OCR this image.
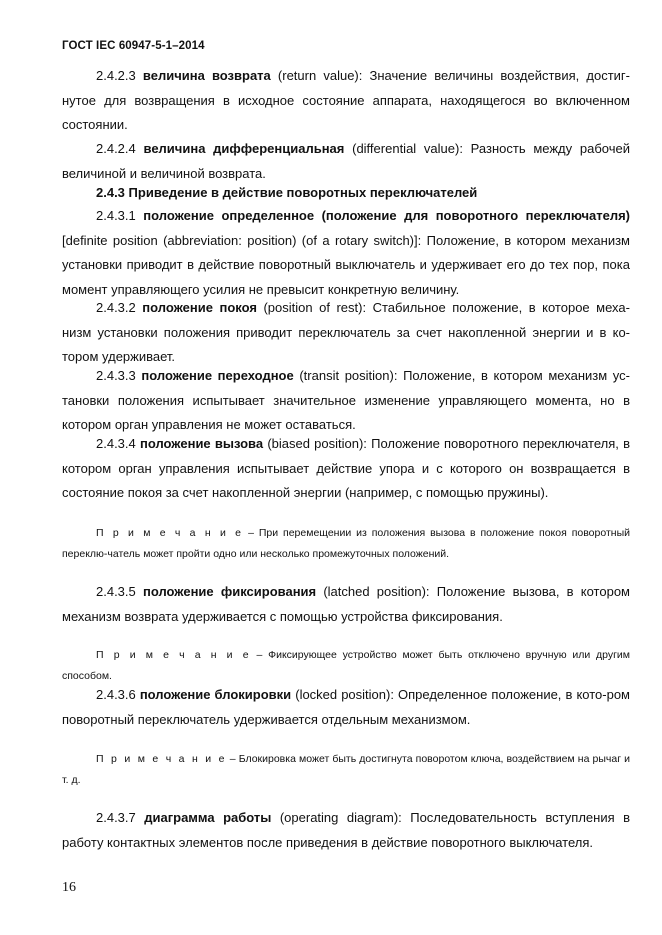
ГОСТ IEC 60947-5-1–2014

2.4.2.3 величина возврата (return value): Значение величины воздействия, достиг-нутое для возвращения в исходное состояние аппарата, находящегося во включенном состоянии.

2.4.2.4 величина дифференциальная (differential value): Разность между рабочей величиной и величиной возврата.

2.4.3 Приведение в действие поворотных переключателей

2.4.3.1 положение определенное (положение для поворотного переключателя) [definite position (abbreviation: position) (of a rotary switch)]: Положение, в котором механизм установки приводит в действие поворотный выключатель и удерживает его до тех пор, пока момент управляющего усилия не превысит конкретную величину.

2.4.3.2 положение покоя (position of rest): Стабильное положение, в которое меха-низм установки положения приводит переключатель за счет накопленной энергии и в ко-тором удерживает.

2.4.3.3 положение переходное (transit position): Положение, в котором механизм ус-тановки положения испытывает значительное изменение управляющего момента, но в котором орган управления не может оставаться.

2.4.3.4 положение вызова (biased position): Положение поворотного переключателя, в котором орган управления испытывает действие упора и с которого он возвращается в состояние покоя за счет накопленной энергии (например, с помощью пружины).

П р и м е ч а н и е – При перемещении из положения вызова в положение покоя поворотный переклю-чатель может пройти одно или несколько промежуточных положений.

2.4.3.5 положение фиксирования (latched position): Положение вызова, в котором механизм возврата удерживается с помощью устройства фиксирования.

П р и м е ч а н и е – Фиксирующее устройство может быть отключено вручную или другим способом.

2.4.3.6 положение блокировки (locked position): Определенное положение, в кото-ром поворотный переключатель удерживается отдельным механизмом.

П р и м е ч а н и е – Блокировка может быть достигнута поворотом ключа, воздействием на рычаг и т. д.

2.4.3.7 диаграмма работы (operating diagram): Последовательность вступления в работу контактных элементов после приведения в действие поворотного выключателя.

16
